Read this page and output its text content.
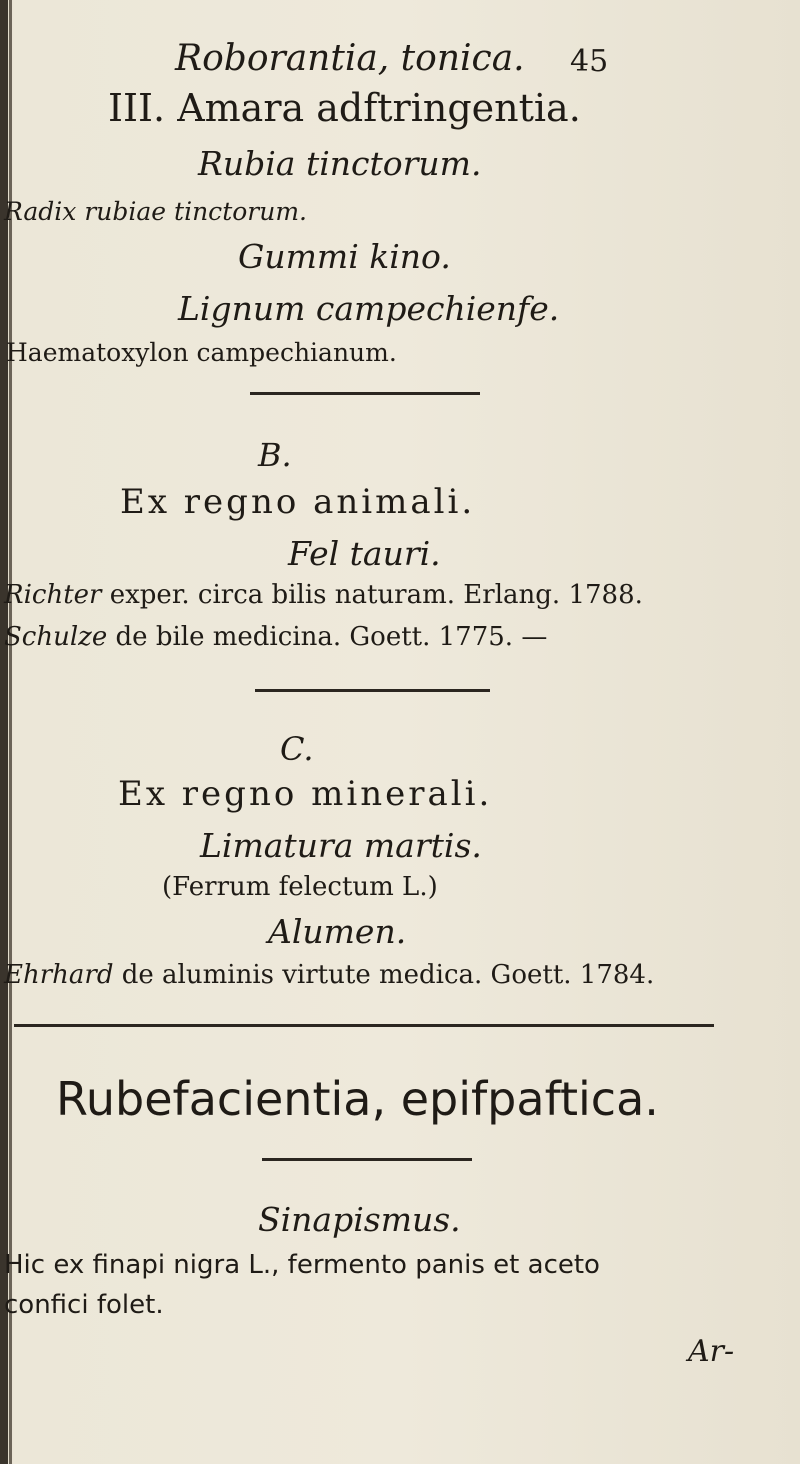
Roborantia, tonica. 45
III. Amara adftringentia.
Rubia tinctorum.
Radix rubiae tinctorum.
Gummi kino.
Lignum campechienfe.
Haematoxylon campechianum.
B.
Ex regno animali.
Fel tauri.
Richter exper. circa bilis naturam. Erlang. 1788.
Schulze de bile medicina. Goett. 1775. —
C.
Ex regno minerali.
Limatura martis.
(Ferrum felectum L.)
Alumen.
Ehrhard de aluminis virtute medica. Goett. 1784.
Rubefacientia, epifpaftica.
Sinapismus.
Hic ex finapi nigra L., fermento panis et aceto
confici folet.
Ar-
